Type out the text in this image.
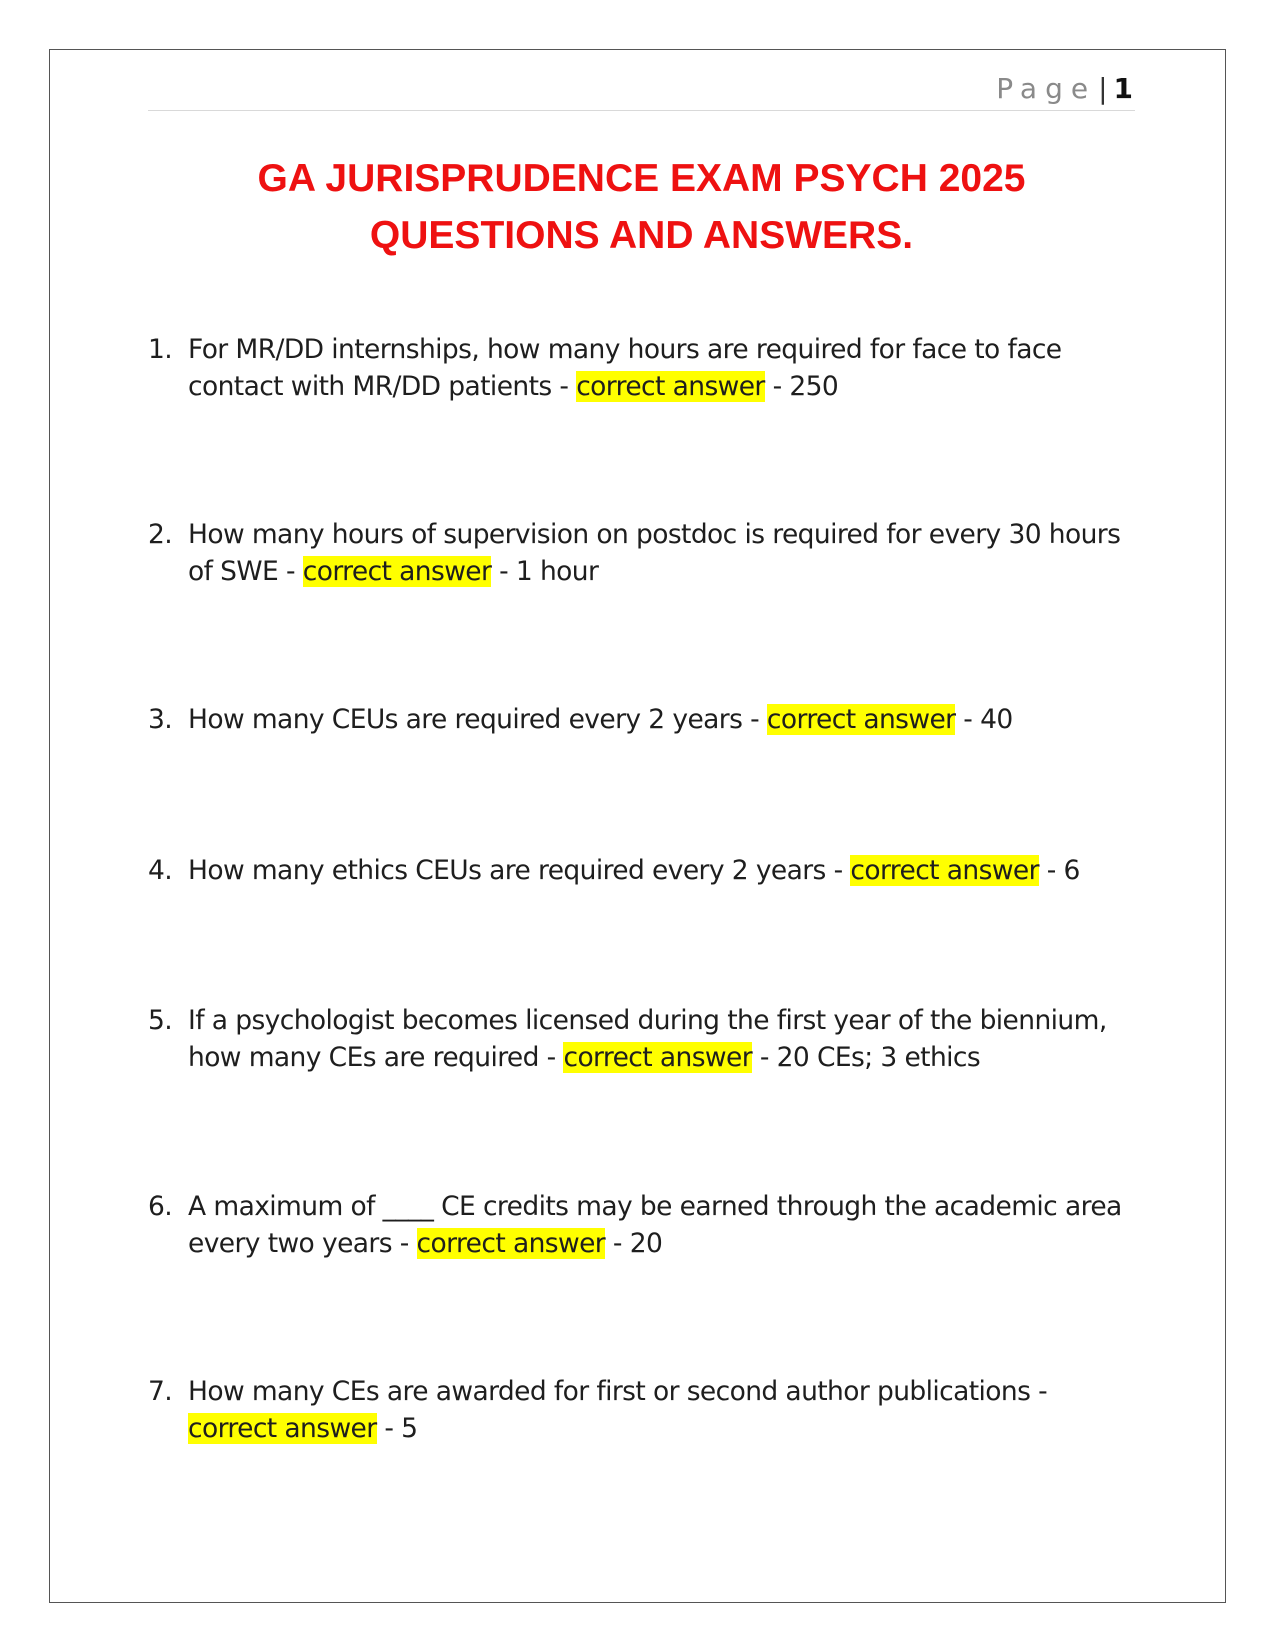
Page| 1
GA JURISPRUDENCE EXAM PSYCH 2025
QUESTIONS AND ANSWERS.
1. For MR/DD internships, how many hours are required for face to face contact with MR/DD patients - correct answer - 250
2. How many hours of supervision on postdoc is required for every 30 hours of SWE - correct answer - 1 hour
3. How many CEUs are required every 2 years - correct answer - 40
4. How many ethics CEUs are required every 2 years - correct answer - 6
5. If a psychologist becomes licensed during the first year of the biennium, how many CEs are required - correct answer - 20 CEs; 3 ethics
6. A maximum of ____ CE credits may be earned through the academic area every two years - correct answer - 20
7. How many CEs are awarded for first or second author publications - correct answer - 5
